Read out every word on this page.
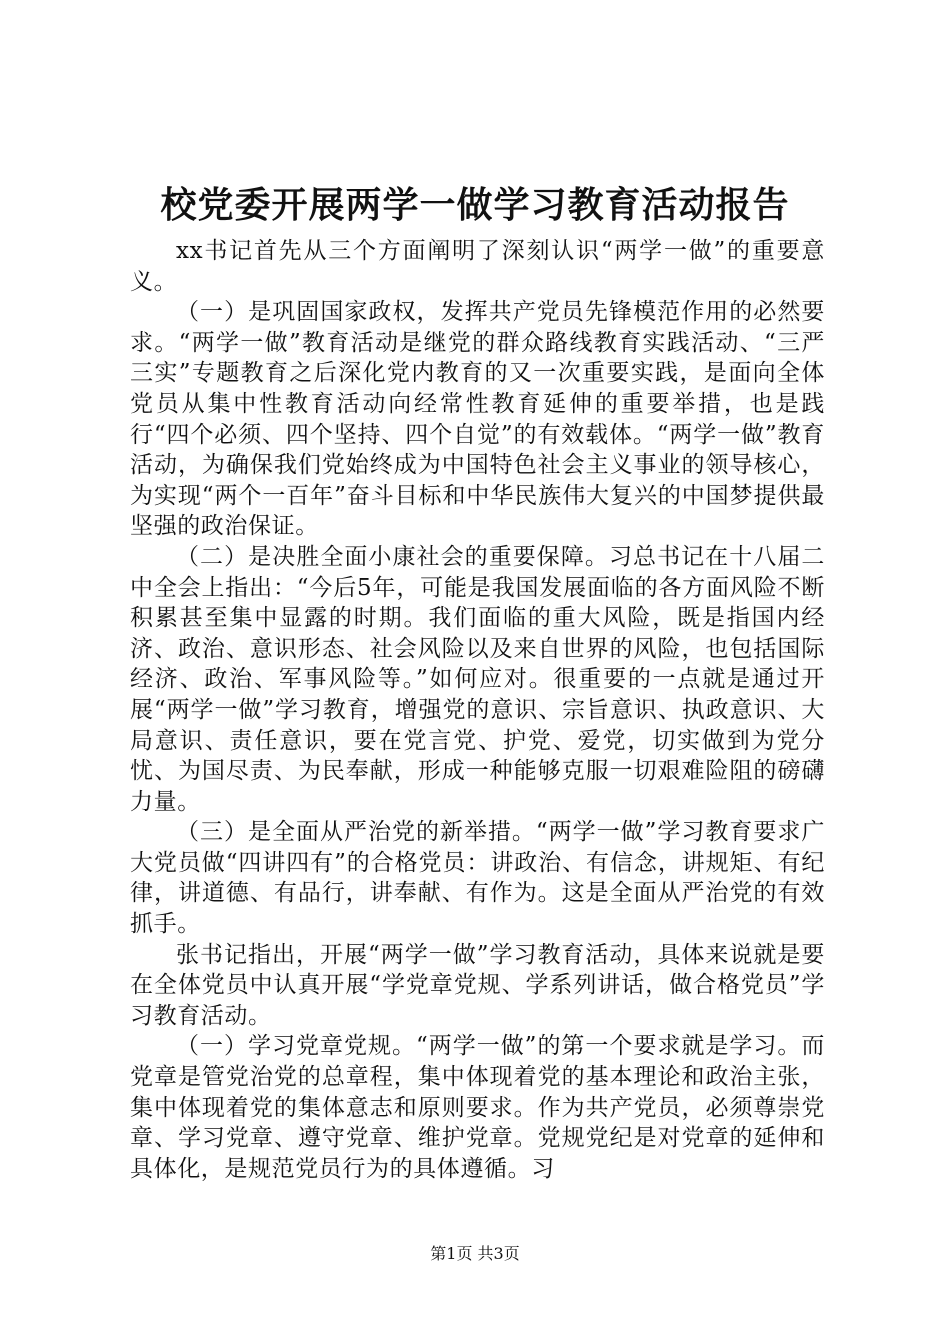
校党委开展两学一做学习教育活动报告

xx书记首先从三个方面阐明了深刻认识“两学一做”的重要意义。

（一）是巩固国家政权，发挥共产党员先锋模范作用的必然要求。“两学一做”教育活动是继党的群众路线教育实践活动、“三严三实”专题教育之后深化党内教育的又一次重要实践，是面向全体党员从集中性教育活动向经常性教育延伸的重要举措，也是践行“四个必须、四个坚持、四个自觉”的有效载体。“两学一做”教育活动，为确保我们党始终成为中国特色社会主义事业的领导核心，为实现“两个一百年”奋斗目标和中华民族伟大复兴的中国梦提供最坚强的政治保证。

（二）是决胜全面小康社会的重要保障。习总书记在十八届二中全会上指出：“今后5年，可能是我国发展面临的各方面风险不断积累甚至集中显露的时期。我们面临的重大风险，既是指国内经济、政治、意识形态、社会风险以及来自世界的风险，也包括国际经济、政治、军事风险等。”如何应对。很重要的一点就是通过开展“两学一做”学习教育，增强党的意识、宗旨意识、执政意识、大局意识、责任意识，要在党言党、护党、爱党，切实做到为党分忧、为国尽责、为民奉献，形成一种能够克服一切艰难险阻的磅礴力量。

（三）是全面从严治党的新举措。“两学一做”学习教育要求广大党员做“四讲四有”的合格党员：讲政治、有信念，讲规矩、有纪律，讲道德、有品行，讲奉献、有作为。这是全面从严治党的有效抓手。

张书记指出，开展“两学一做”学习教育活动，具体来说就是要在全体党员中认真开展“学党章党规、学系列讲话，做合格党员”学习教育活动。

（一）学习党章党规。“两学一做”的第一个要求就是学习。而党章是管党治党的总章程，集中体现着党的基本理论和政治主张，集中体现着党的集体意志和原则要求。作为共产党员，必须尊崇党章、学习党章、遵守党章、维护党章。党规党纪是对党章的延伸和具体化，是规范党员行为的具体遵循。习

第1页 共3页
